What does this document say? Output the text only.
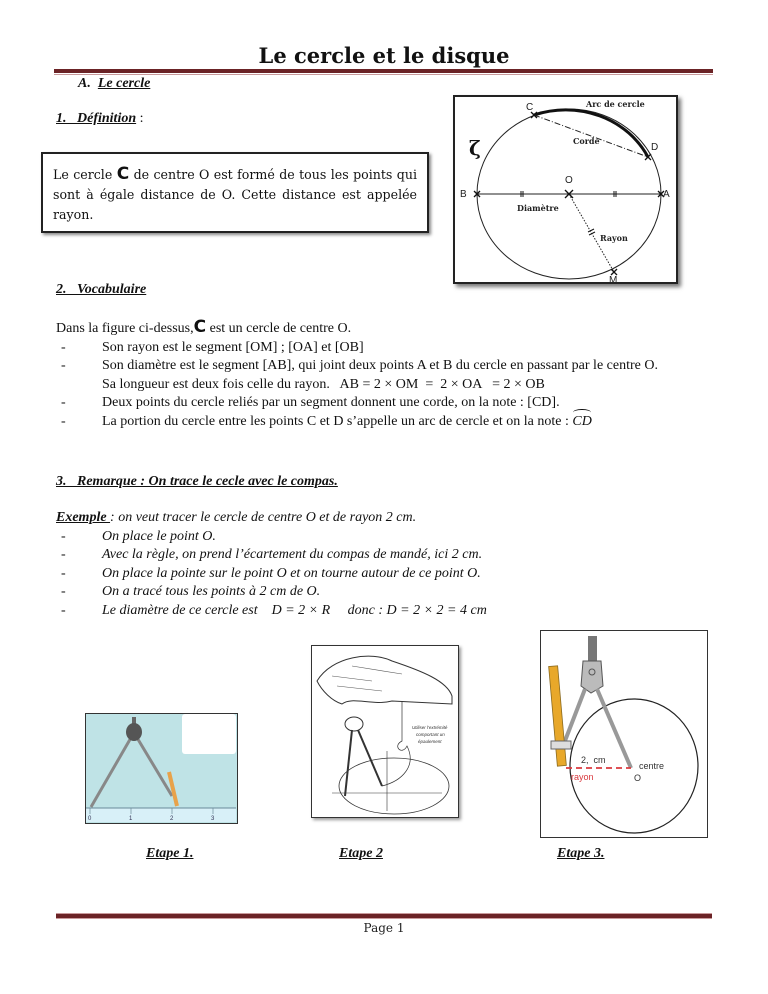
Le cercle et le disque
A. Le cercle
1. Définition :
Le cercle C de centre O est formé de tous les points qui sont à égale distance de O. Cette distance est appelée rayon.
C
D
B	A
O
M
Arc de cercle
Corde
Diamètre
Rayon
ζ
2. Vocabulaire
Dans la figure ci-dessus,C est un cercle de centre O.
- Son rayon est le segment [OM] ; [OA] et [OB]
- Son diamètre est le segment [AB], qui joint deux points A et B du cercle en passant par le centre O.
Sa longueur est deux fois celle du rayon.   AB = 2 × OM  =  2 × OA   = 2 × OB
- Deux points du cercle reliés par un segment donnent une corde, on la note : [CD].
- La portion du cercle entre les points C et D s’appelle un arc de cercle et on la note : CD
3.   Remarque : On trace le cecle avec le compas.
Exemple : on veut tracer le cercle de centre O et de rayon 2 cm.
- On place le point O.
- Avec la règle, on prend l’écartement du compas de mandé, ici 2 cm.
- On place la pointe sur le point O et on tourne autour de ce point O.
- On a tracé tous les points à 2 cm de O.
- Le diamètre de ce cercle est    D = 2 × R     donc : D = 2 × 2 = 4 cm
0	1	2	3
Etape 1.
Utiliser l'extrémité
comportant un
épaulement
Etape 2
2,  cm
centre
rayon	O
Etape 3.
Page 1
